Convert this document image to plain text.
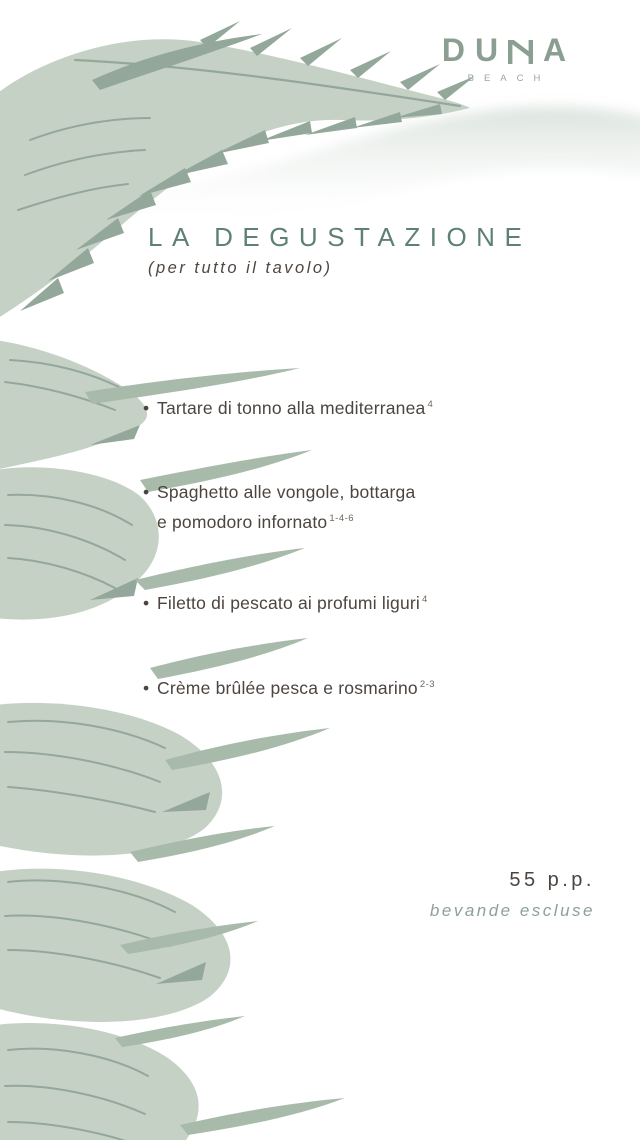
D U A
BEACH
LA DEGUSTAZIONE
(per tutto il tavolo)
• Tartare di tonno alla mediterranea $^4$
• Spaghetto alle vongole, bottarga
e pomodoro infornato $^{1-4-6}$
• Filetto di pescato ai profumi liguri $^4$
• Crème brûlée pesca e rosmarino $^{2-3}$
55 p.p.
bevande escluse
